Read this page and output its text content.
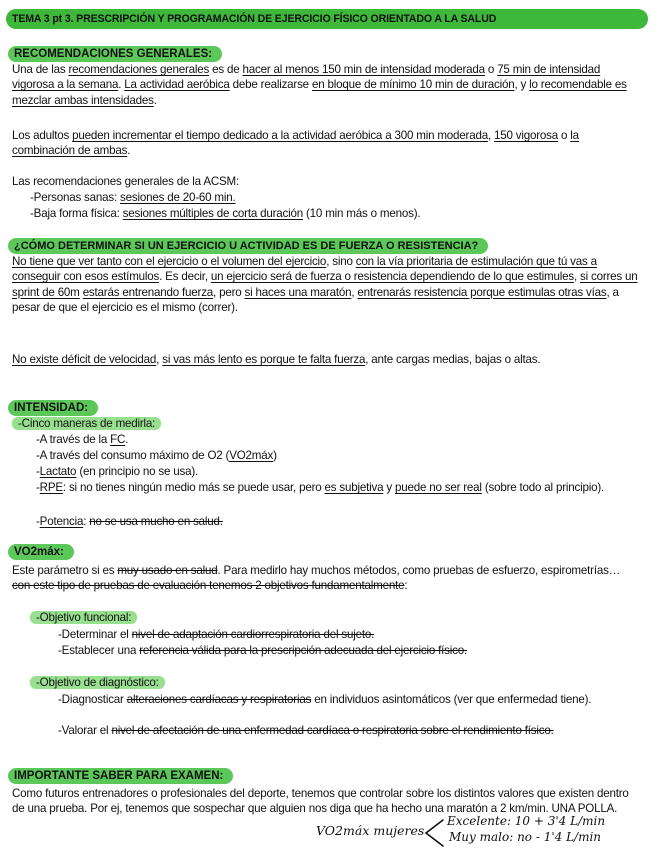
TEMA 3 pt 3. PRESCRIPCIÓN Y PROGRAMACIÓN DE EJERCICIO FÍSICO ORIENTADO A LA SALUD
RECOMENDACIONES GENERALES:
Una de las recomendaciones generales es de hacer al menos 150 min de intensidad moderada o 75 min de intensidad vigorosa a la semana. La actividad aeróbica debe realizarse en bloque de mínimo 10 min de duración, y lo recomendable es mezclar ambas intensidades.
Los adultos pueden incrementar el tiempo dedicado a la actividad aeróbica a 300 min moderada, 150 vigorosa o la combinación de ambas.
Las recomendaciones generales de la ACSM:
-Personas sanas: sesiones de 20-60 min.
-Baja forma física: sesiones múltiples de corta duración (10 min más o menos).
¿CÓMO DETERMINAR SI UN EJERCICIO U ACTIVIDAD ES DE FUERZA O RESISTENCIA?
No tiene que ver tanto con el ejercicio o el volumen del ejercicio, sino con la vía prioritaria de estimulación que tú vas a conseguir con esos estímulos. Es decir, un ejercicio será de fuerza o resistencia dependiendo de lo que estimules, si corres un sprint de 60m estarás entrenando fuerza, pero si haces una maratón, entrenarás resistencia porque estimulas otras vías, a pesar de que el ejercicio es el mismo (correr).
No existe déficit de velocidad, si vas más lento es porque te falta fuerza, ante cargas medias, bajas o altas.
INTENSIDAD:
-Cinco maneras de medirla:
-A través de la FC.
-A través del consumo máximo de O2 (VO2máx)
-Lactato (en principio no se usa).
-RPE: si no tienes ningún medio más se puede usar, pero es subjetiva y puede no ser real (sobre todo al principio).
-Potencia: no se usa mucho en salud.
VO2máx:
Este parámetro si es muy usado en salud. Para medirlo hay muchos métodos, como pruebas de esfuerzo, espirometrías… con este tipo de pruebas de evaluación tenemos 2 objetivos fundamentalmente:
-Objetivo funcional:
-Determinar el nivel de adaptación cardiorrespiratoria del sujeto.
-Establecer una referencia válida para la prescripción adecuada del ejercicio físico.
-Objetivo de diagnóstico:
-Diagnosticar alteraciones cardíacas y respiratorias en individuos asintomáticos (ver que enfermedad tiene).
-Valorar el nivel de afectación de una enfermedad cardíaca o respiratoria sobre el rendimiento físico.
IMPORTANTE SABER PARA EXAMEN:
Como futuros entrenadores o profesionales del deporte, tenemos que controlar sobre los distintos valores que existen dentro de una prueba. Por ej, tenemos que sospechar que alguien nos diga que ha hecho una maratón a 2 km/min. UNA POLLA.
VO2máx mujeres
Excelente: 10 + 3'4 L/min
Muy malo: no - 1'4 L/min
